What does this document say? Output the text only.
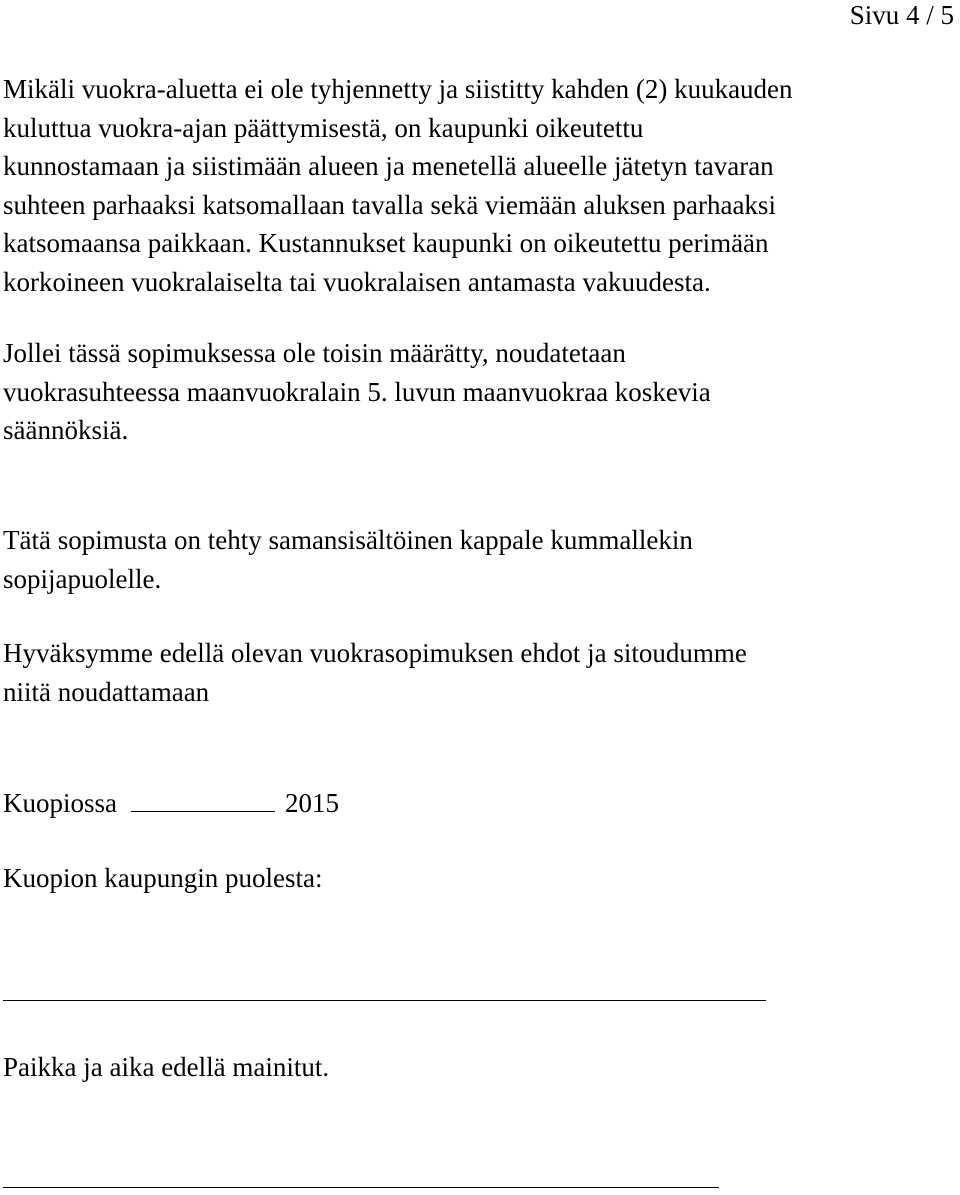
Sivu 4 / 5

Mikäli vuokra-aluetta ei ole tyhjennetty ja siistitty kahden (2) kuukauden
kuluttua vuokra-ajan päättymisestä, on kaupunki oikeutettu
kunnostamaan ja siistimään alueen ja menetellä alueelle jätetyn tavaran
suhteen parhaaksi katsomallaan tavalla sekä viemään aluksen parhaaksi
katsomaansa paikkaan. Kustannukset kaupunki on oikeutettu perimään
korkoineen vuokralaiselta tai vuokralaisen antamasta vakuudesta.

Jollei tässä sopimuksessa ole toisin määrätty, noudatetaan
vuokrasuhteessa maanvuokralain 5. luvun maanvuokraa koskevia
säännöksiä.

Tätä sopimusta on tehty samansisältöinen kappale kummallekin
sopijapuolelle.

Hyväksymme edellä olevan vuokrasopimuksen ehdot ja sitoudumme
niitä noudattamaan

Kuopiossa	2015
Kuopion kaupungin puolesta:
Paikka ja aika edellä mainitut.
